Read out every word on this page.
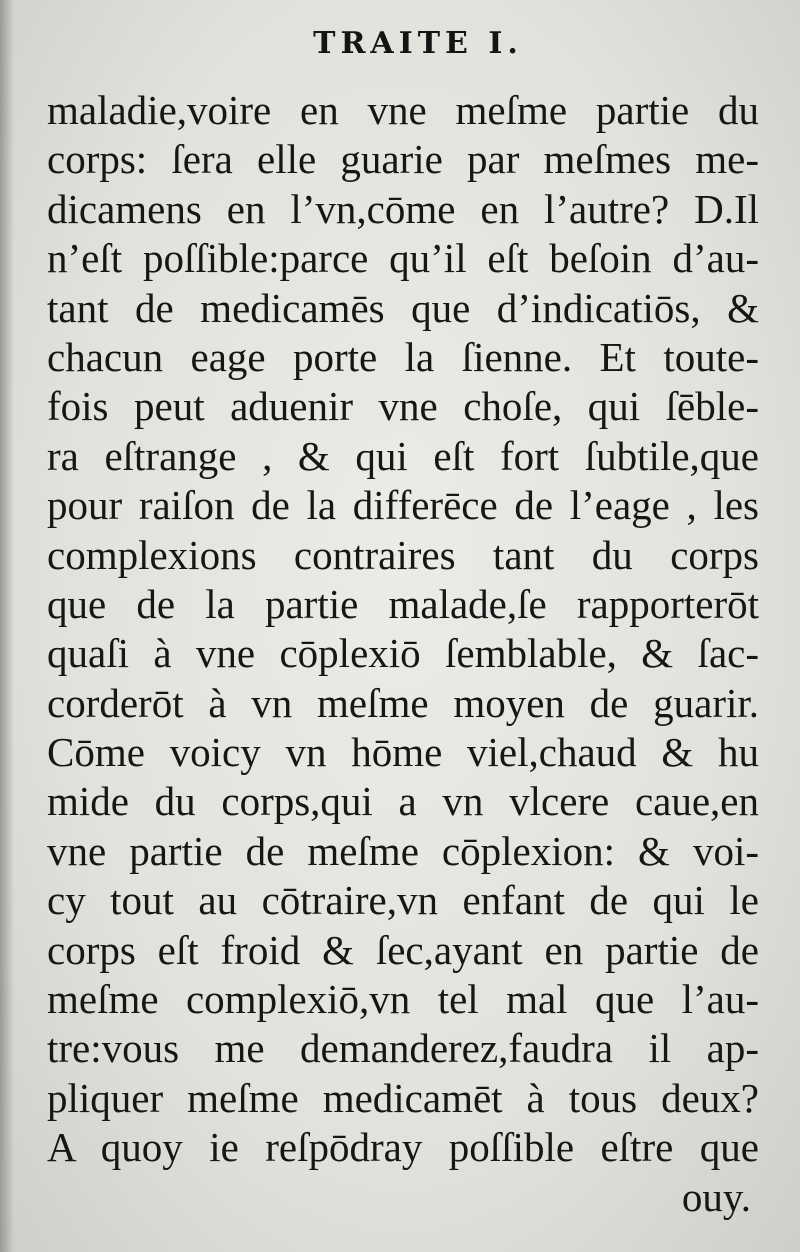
TRAITE I.
maladie,voire en vne meſme partie du
corps: ſera elle guarie par meſmes me-
dicamens en l’vn,cōme en l’autre? D.Il
n’eſt poſſible:parce qu’il eſt beſoin d’au-
tant de medicamēs que d’indicatiōs, &
chacun eage porte la ſienne. Et toute-
fois peut aduenir vne choſe, qui ſēble-
ra eſtrange , & qui eſt fort ſubtile,que
pour raiſon de la differēce de l’eage , les
complexions contraires tant du corps
que de la partie malade,ſe rapporterōt
quaſi à vne cōplexiō ſemblable, & ſac-
corderōt à vn meſme moyen de guarir.
Cōme voicy vn hōme viel,chaud & hu
mide du corps,qui a vn vlcere caue,en
vne partie de meſme cōplexion: & voi-
cy tout au cōtraire,vn enfant de qui le
corps eſt froid & ſec,ayant en partie de
meſme complexiō,vn tel mal que l’au-
tre:vous me demanderez,faudra il ap-
pliquer meſme medicamēt à tous deux?
A quoy ie reſpōdray poſſible eſtre que
ouy.
